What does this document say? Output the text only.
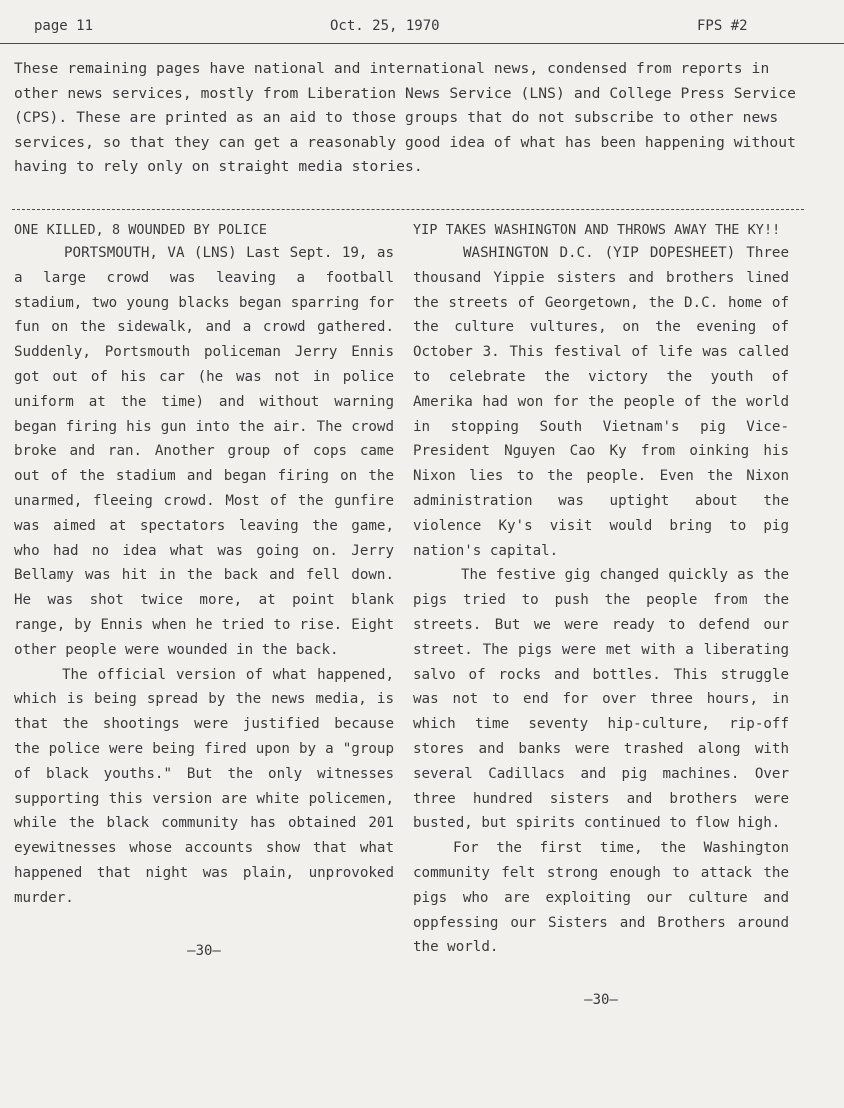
page 11	Oct. 25, 1970	FPS #2

These remaining pages have national and international news, condensed from reports in other news services, mostly from Liberation News Service (LNS) and College Press Service (CPS). These are printed as an aid to those groups that do not subscribe to other news services, so that they can get a reasonably good idea of what has been happening without having to rely only on straight media stories.

ONE KILLED, 8 WOUNDED BY POLICE

PORTSMOUTH, VA (LNS) Last Sept. 19, as a large crowd was leaving a football stadium, two young blacks began sparring for fun on the sidewalk, and a crowd gathered. Suddenly, Portsmouth policeman Jerry Ennis got out of his car (he was not in police uniform at the time) and without warning began firing his gun into the air. The crowd broke and ran. Another group of cops came out of the stadium and began firing on the unarmed, fleeing crowd. Most of the gunfire was aimed at spectators leaving the game, who had no idea what was going on. Jerry Bellamy was hit in the back and fell down. He was shot twice more, at point blank range, by Ennis when he tried to rise. Eight other people were wounded in the back.

The official version of what happened, which is being spread by the news media, is that the shootings were justified because the police were being fired upon by a "group of black youths." But the only witnesses supporting this version are white policemen, while the black community has obtained 201 eyewitnesses whose accounts show that what happened that night was plain, unprovoked murder.

—30—
YIP TAKES WASHINGTON AND THROWS AWAY THE KY!!

WASHINGTON D.C. (YIP DOPESHEET) Three thousand Yippie sisters and brothers lined the streets of Georgetown, the D.C. home of the culture vultures, on the evening of October 3. This festival of life was called to celebrate the victory the youth of Amerika had won for the people of the world in stopping South Vietnam's pig Vice-President Nguyen Cao Ky from oinking his Nixon lies to the people. Even the Nixon administration was uptight about the violence Ky's visit would bring to pig nation's capital.

The festive gig changed quickly as the pigs tried to push the people from the streets. But we were ready to defend our street. The pigs were met with a liberating salvo of rocks and bottles. This struggle was not to end for over three hours, in which time seventy hip-culture, rip-off stores and banks were trashed along with several Cadillacs and pig machines. Over three hundred sisters and brothers were busted, but spirits continued to flow high.

For the first time, the Washington community felt strong enough to attack the pigs who are exploiting our culture and oppfessing our Sisters and Brothers around the world.

—30—
